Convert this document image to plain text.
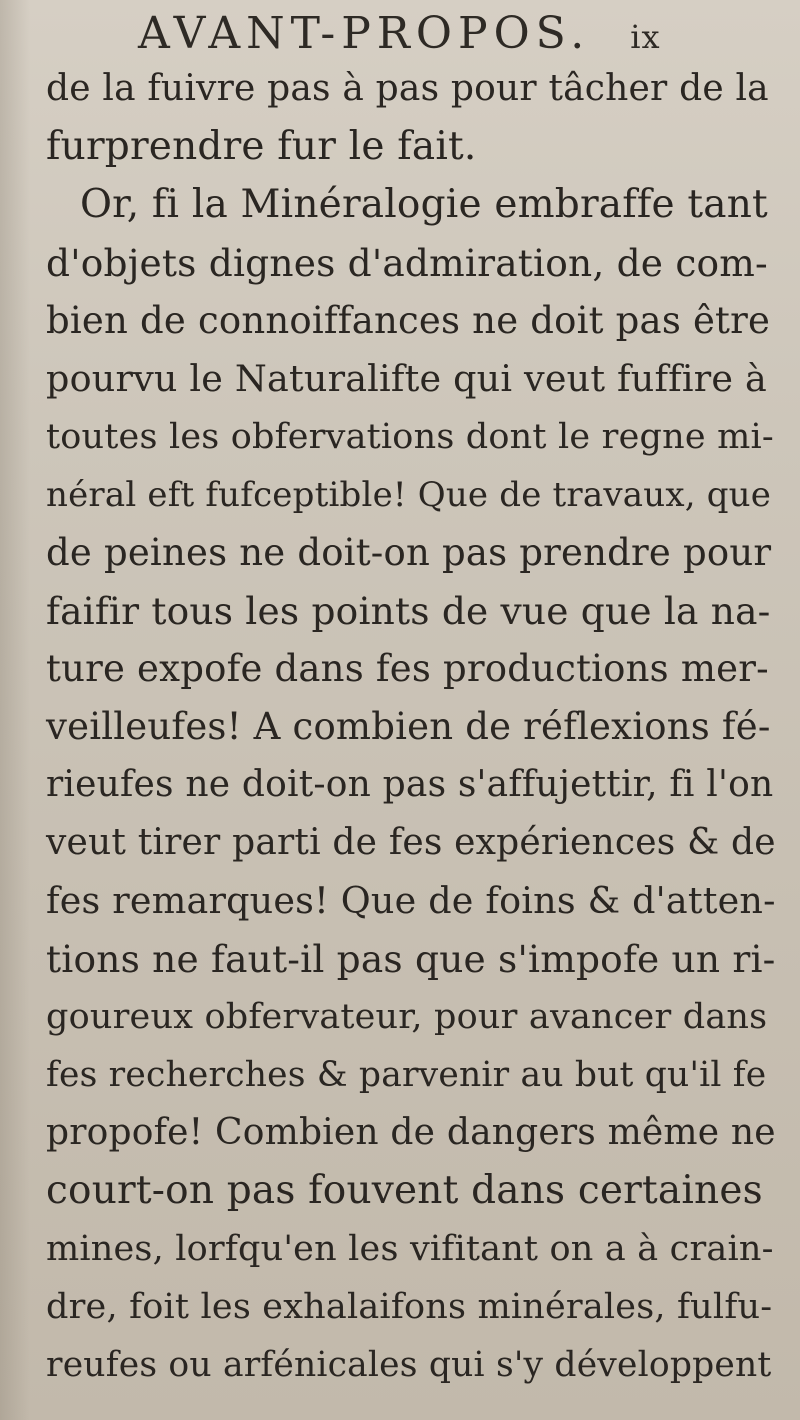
AVANT-PROPOS. ix
de la fuivre pas à pas pour tâcher de la
furprendre fur le fait.
Or, fi la Minéralogie embraffe tant
d'objets dignes d'admiration, de com-
bien de connoiffances ne doit pas être
pourvu le Naturalifte qui veut fuffire à
toutes les obfervations dont le regne mi-
néral eft fufceptible! Que de travaux, que
de peines ne doit-on pas prendre pour
faifir tous les points de vue que la na-
ture expofe dans fes productions mer-
veilleufes! A combien de réflexions fé-
rieufes ne doit-on pas s'affujettir, fi l'on
veut tirer parti de fes expériences & de
fes remarques! Que de foins & d'atten-
tions ne faut-il pas que s'impofe un ri-
goureux obfervateur, pour avancer dans
fes recherches & parvenir au but qu'il fe
propofe! Combien de dangers même ne
court-on pas fouvent dans certaines
mines, lorfqu'en les vifitant on a à crain-
dre, foit les exhalaifons minérales, fulfu-
reufes ou arfénicales qui s'y développent
